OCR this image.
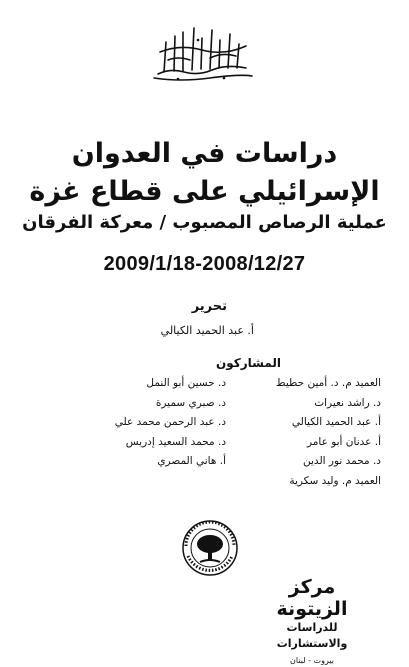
دراسات في العدوان
الإسرائيلي على قطاع غزة
عملية الرصاص المصبوب / معركة الفرقان
2009/1/18-2008/12/27
تحرير
أ. عبد الحميد الكيالي
المشاركون
العميد م. د. أمين حطيط
د. راشد نعيرات
أ. عبد الحميد الكيالي
أ. عدنان أبو عامر
د. محمد نور الدين
العميد م. وليد سكرية
د. حسين أبو النمل
د. صبري سميرة
د. عبد الرحمن محمد علي
د. محمد السعيد إدريس
أ. هاني المصري
مركز الزيتونة
للدراسات والاستشارات
بيروت - لبنان
